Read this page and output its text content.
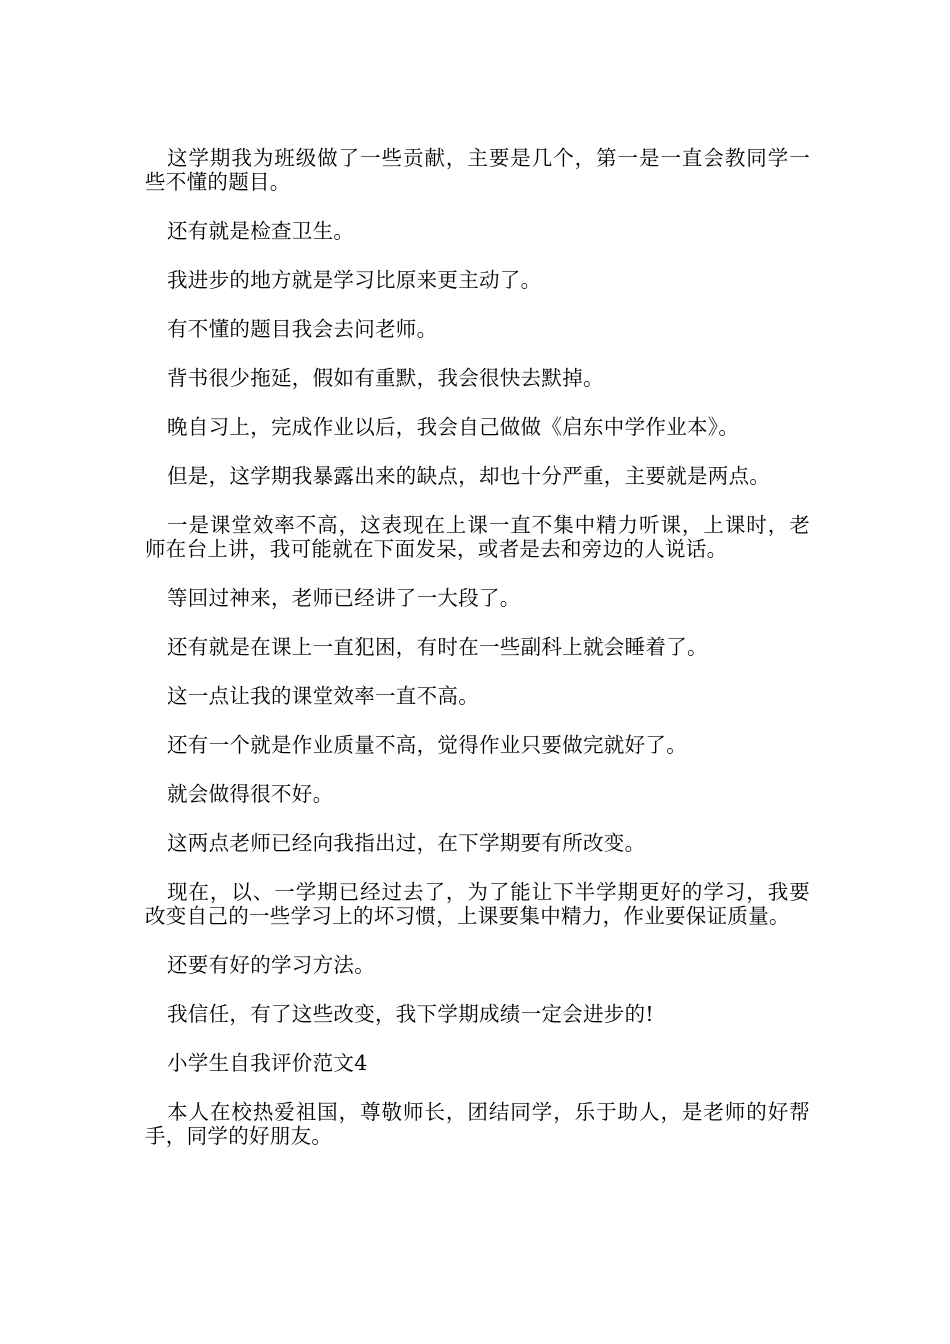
这学期我为班级做了一些贡献，主要是几个，第一是一直会教同学一些不懂的题目。

还有就是检查卫生。

我进步的地方就是学习比原来更主动了。

有不懂的题目我会去问老师。

背书很少拖延，假如有重默，我会很快去默掉。

晚自习上，完成作业以后，我会自己做做《启东中学作业本》。

但是，这学期我暴露出来的缺点，却也十分严重，主要就是两点。

一是课堂效率不高，这表现在上课一直不集中精力听课，上课时，老师在台上讲，我可能就在下面发呆，或者是去和旁边的人说话。

等回过神来，老师已经讲了一大段了。

还有就是在课上一直犯困，有时在一些副科上就会睡着了。

这一点让我的课堂效率一直不高。

还有一个就是作业质量不高，觉得作业只要做完就好了。

就会做得很不好。

这两点老师已经向我指出过，在下学期要有所改变。

现在，以、一学期已经过去了，为了能让下半学期更好的学习，我要改变自己的一些学习上的坏习惯，上课要集中精力，作业要保证质量。

还要有好的学习方法。

我信任，有了这些改变，我下学期成绩一定会进步的!

小学生自我评价范文4

本人在校热爱祖国，尊敬师长，团结同学，乐于助人，是老师的好帮手，同学的好朋友。
